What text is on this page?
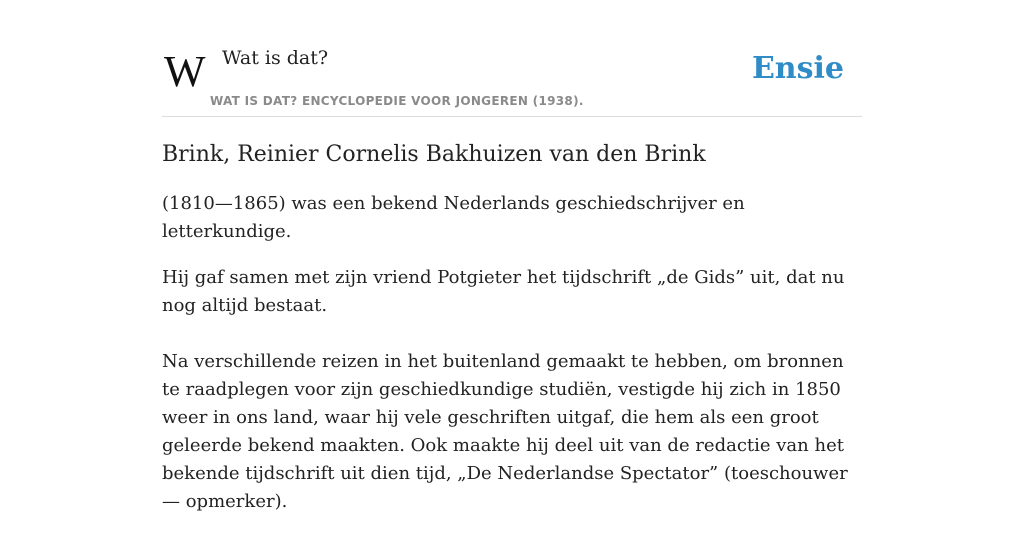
W Wat is dat?
WAT IS DAT? ENCYCLOPEDIE VOOR JONGEREN (1938).
Ensie
Brink, Reinier Cornelis Bakhuizen van den Brink

(1810—1865) was een bekend Nederlands geschiedschrijver en letterkundige.

Hij gaf samen met zijn vriend Potgieter het tijdschrift „de Gids” uit, dat nu nog altijd bestaat.

Na verschillende reizen in het buitenland gemaakt te hebben, om bronnen te raadplegen voor zijn geschiedkundige studiën, vestigde hij zich in 1850 weer in ons land, waar hij vele geschriften uitgaf, die hem als een groot geleerde bekend maakten. Ook maakte hij deel uit van de redactie van het bekende tijdschrift uit dien tijd, „De Nederlandse Spectator” (toeschouwer — opmerker).
